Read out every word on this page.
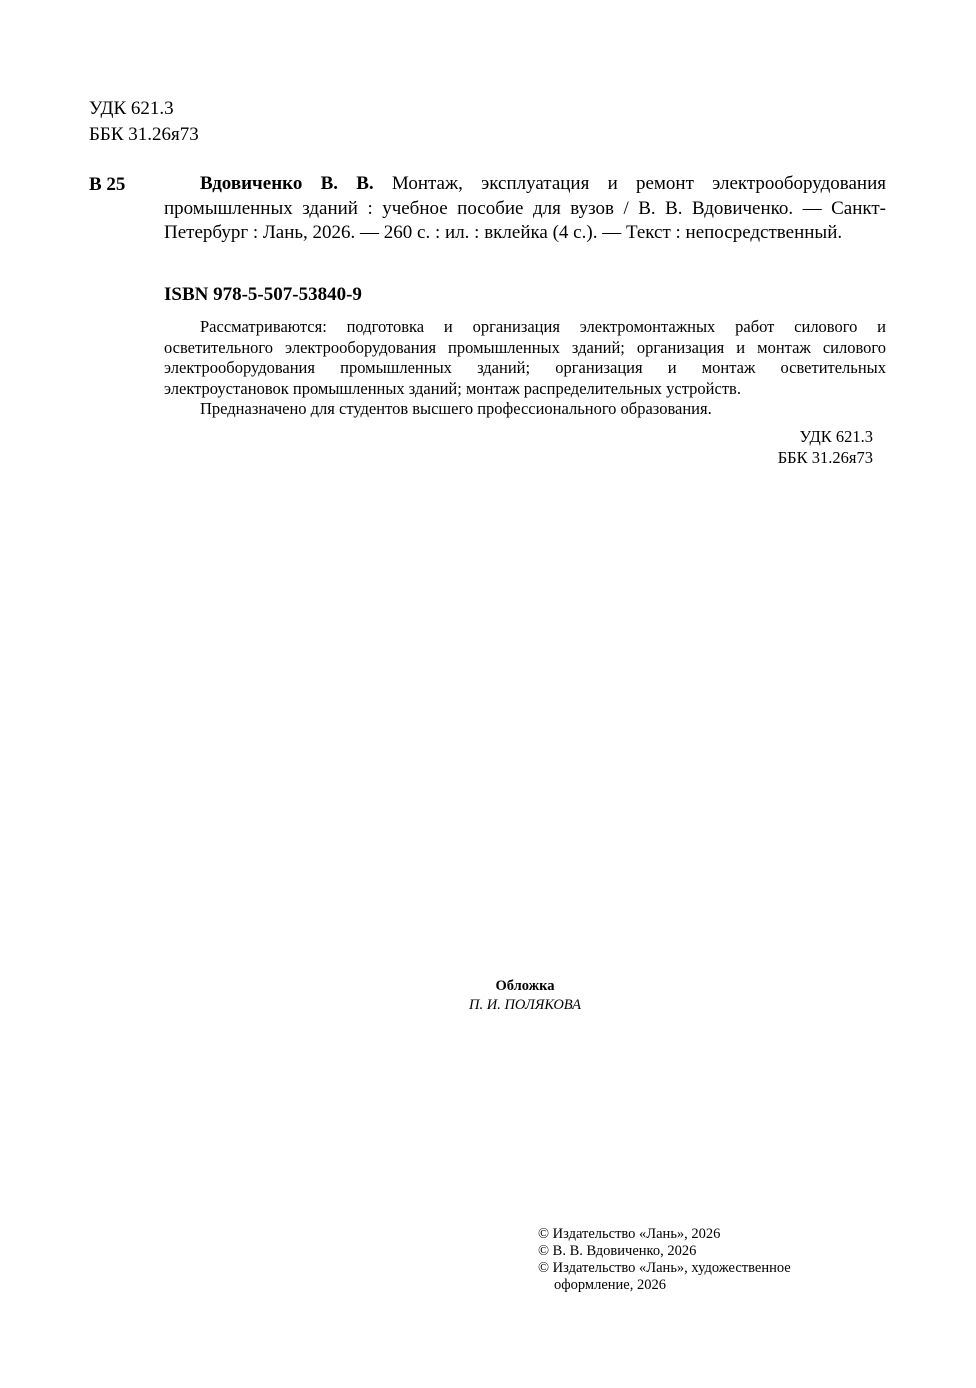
УДК 621.3
ББК 31.26я73
В 25	Вдовиченко В. В. Монтаж, эксплуатация и ремонт электрооборудования промышленных зданий : учебное пособие для вузов / В. В. Вдовиченко. — Санкт-Петербург : Лань, 2026. — 260 с. : ил. : вклейка (4 с.). — Текст : непосредственный.
ISBN 978-5-507-53840-9

Рассматриваются: подготовка и организация электромонтажных работ силового и осветительного электрооборудования промышленных зданий; организация и монтаж силового электрооборудования промышленных зданий; организация и монтаж осветительных электроустановок промышленных зданий; монтаж распределительных устройств.

Предназначено для студентов высшего профессионального образования.

УДК 621.3
ББК 31.26я73
Обложка
П. И. ПОЛЯКОВА
© Издательство «Лань», 2026
© В. В. Вдовиченко, 2026
© Издательство «Лань», художественное
оформление, 2026
